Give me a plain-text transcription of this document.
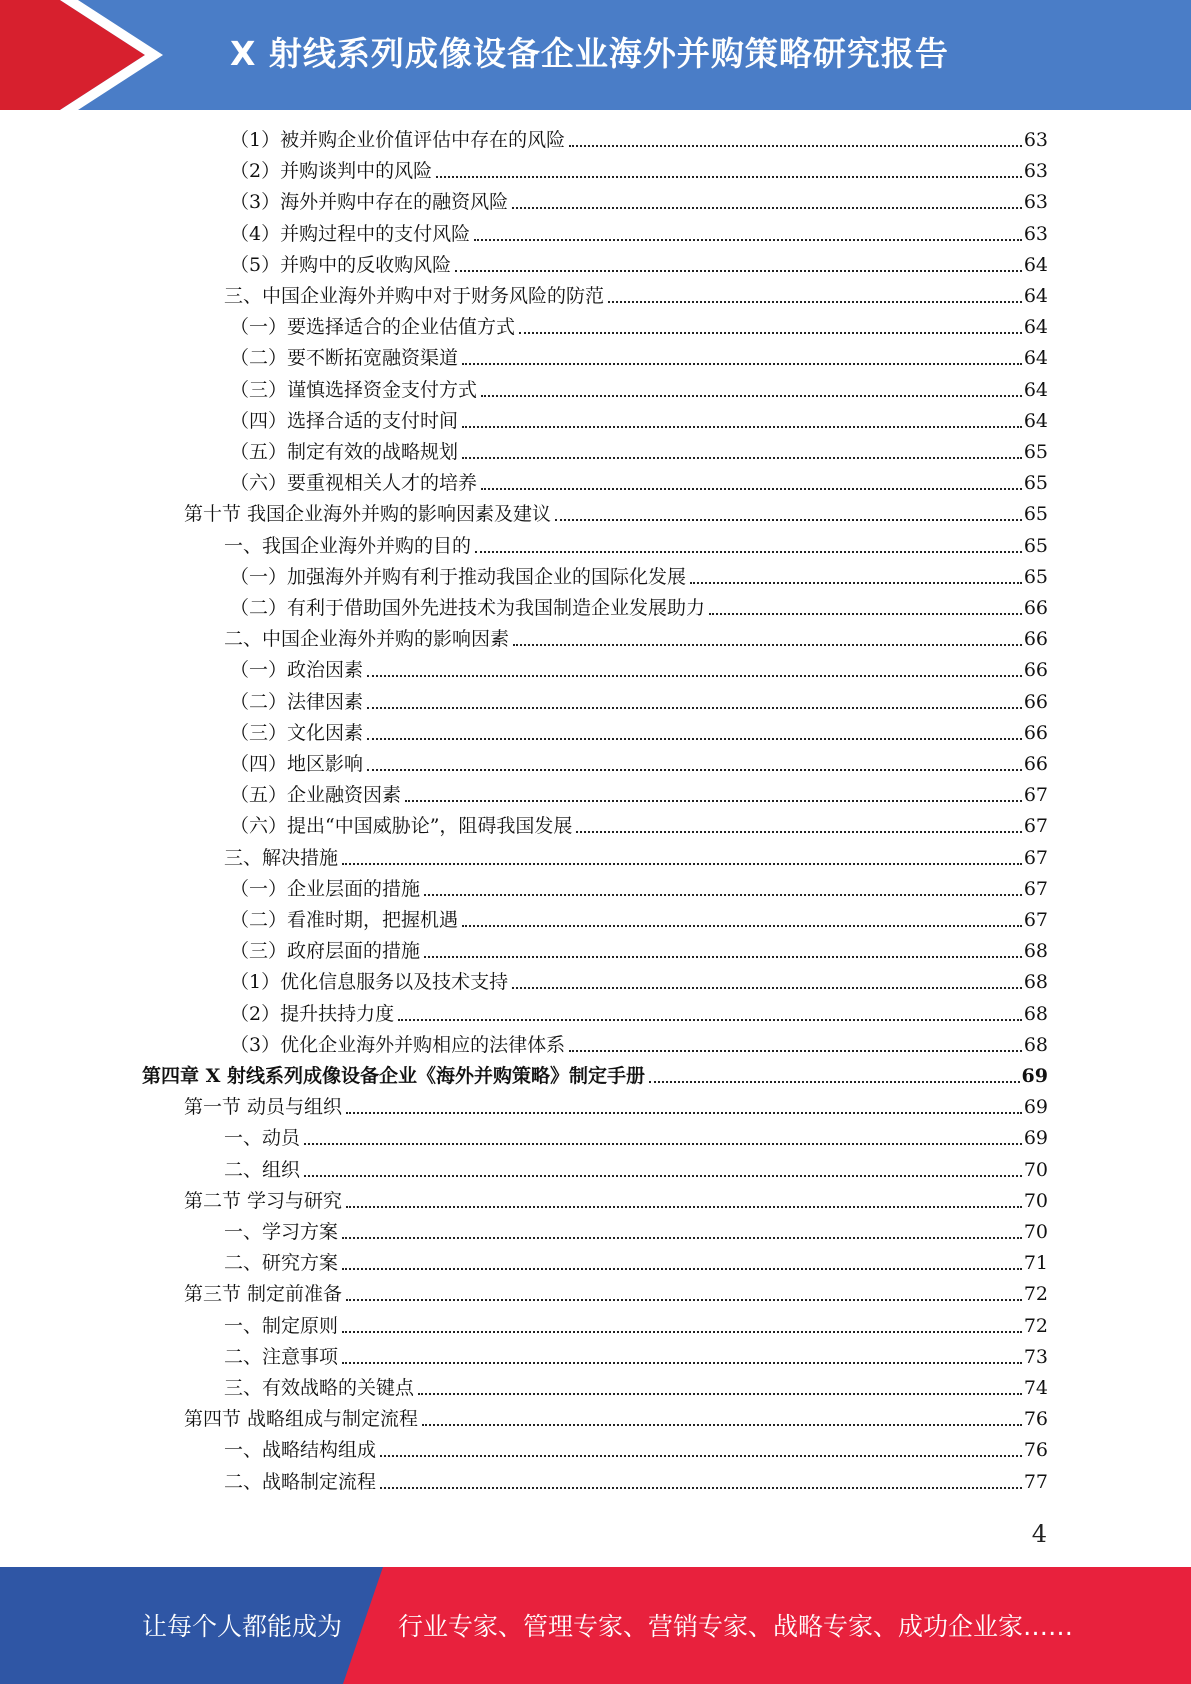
X 射线系列成像设备企业海外并购策略研究报告
（1）被并购企业价值评估中存在的风险	63
（2）并购谈判中的风险	63
（3）海外并购中存在的融资风险	63
（4）并购过程中的支付风险	63
（5）并购中的反收购风险	64
三、中国企业海外并购中对于财务风险的防范	64
（一）要选择适合的企业估值方式	64
（二）要不断拓宽融资渠道	64
（三）谨慎选择资金支付方式	64
（四）选择合适的支付时间	64
（五）制定有效的战略规划	65
（六）要重视相关人才的培养	65
第十节 我国企业海外并购的影响因素及建议	65
一、我国企业海外并购的目的	65
（一）加强海外并购有利于推动我国企业的国际化发展	65
（二）有利于借助国外先进技术为我国制造企业发展助力	66
二、中国企业海外并购的影响因素	66
（一）政治因素	66
（二）法律因素	66
（三）文化因素	66
（四）地区影响	66
（五）企业融资因素	67
（六）提出“中国威胁论”，阻碍我国发展	67
三、解决措施	67
（一）企业层面的措施	67
（二）看准时期，把握机遇	67
（三）政府层面的措施	68
（1）优化信息服务以及技术支持	68
（2）提升扶持力度	68
（3）优化企业海外并购相应的法律体系	68
第四章 X 射线系列成像设备企业《海外并购策略》制定手册	69
第一节 动员与组织	69
一、动员	69
二、组织	70
第二节 学习与研究	70
一、学习方案	70
二、研究方案	71
第三节 制定前准备	72
一、制定原则	72
二、注意事项	73
三、有效战略的关键点	74
第四节 战略组成与制定流程	76
一、战略结构组成	76
二、战略制定流程	77
4
让每个人都能成为 行业专家、管理专家、营销专家、战略专家、成功企业家……
